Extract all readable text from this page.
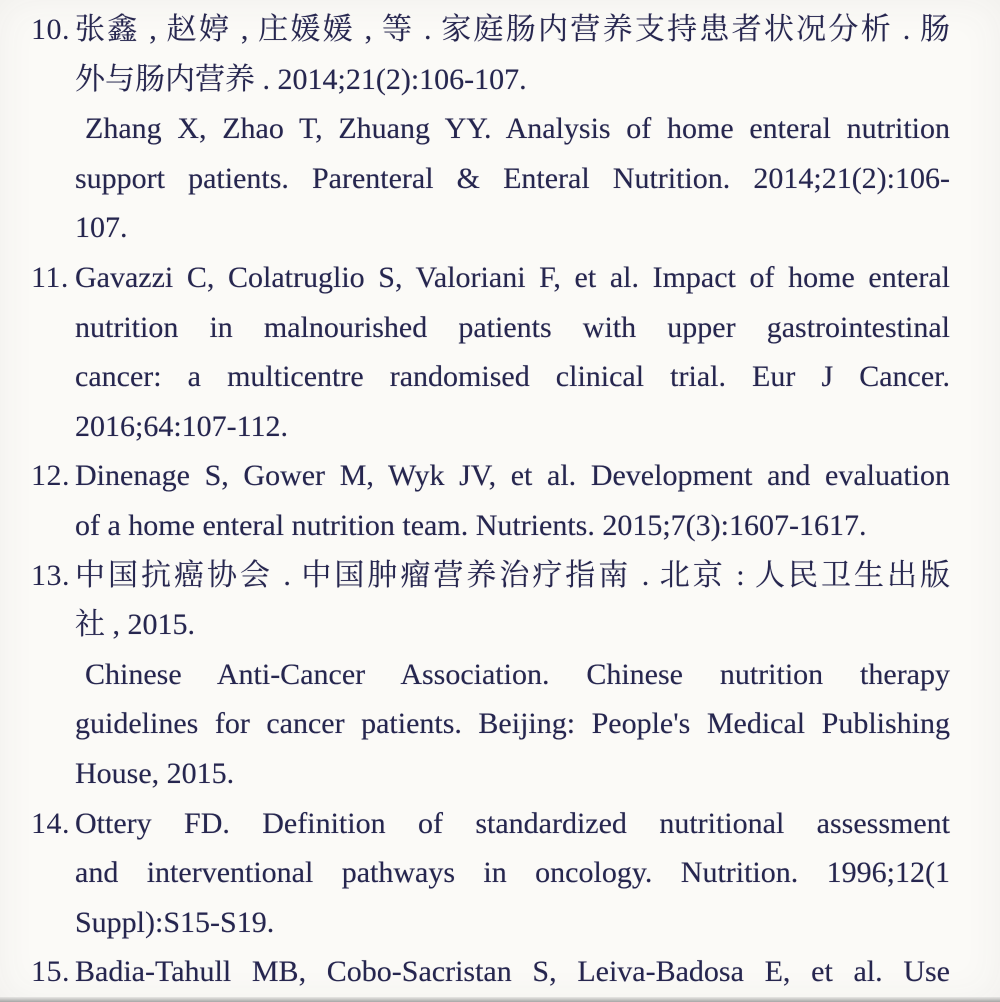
10. 张鑫 , 赵婷 , 庄媛媛 , 等 . 家庭肠内营养支持患者状况分析 . 肠
外与肠内营养 . 2014;21(2):106-107.
Zhang X, Zhao T, Zhuang YY. Analysis of home enteral nutrition
support patients. Parenteral & Enteral Nutrition. 2014;21(2):106-
107.
11. Gavazzi C, Colatruglio S, Valoriani F, et al. Impact of home enteral
nutrition in malnourished patients with upper gastrointestinal
cancer: a multicentre randomised clinical trial. Eur J Cancer.
2016;64:107-112.
12. Dinenage S, Gower M, Wyk JV, et al. Development and evaluation
of a home enteral nutrition team. Nutrients. 2015;7(3):1607-1617.
13. 中国抗癌协会 . 中国肿瘤营养治疗指南 . 北京 : 人民卫生出版
社 , 2015.
Chinese Anti-Cancer Association. Chinese nutrition therapy
guidelines for cancer patients. Beijing: People's Medical Publishing
House, 2015.
14. Ottery FD. Definition of standardized nutritional assessment
and interventional pathways in oncology. Nutrition. 1996;12(1
Suppl):S15-S19.
15. Badia-Tahull MB, Cobo-Sacristan S, Leiva-Badosa E, et al. Use
